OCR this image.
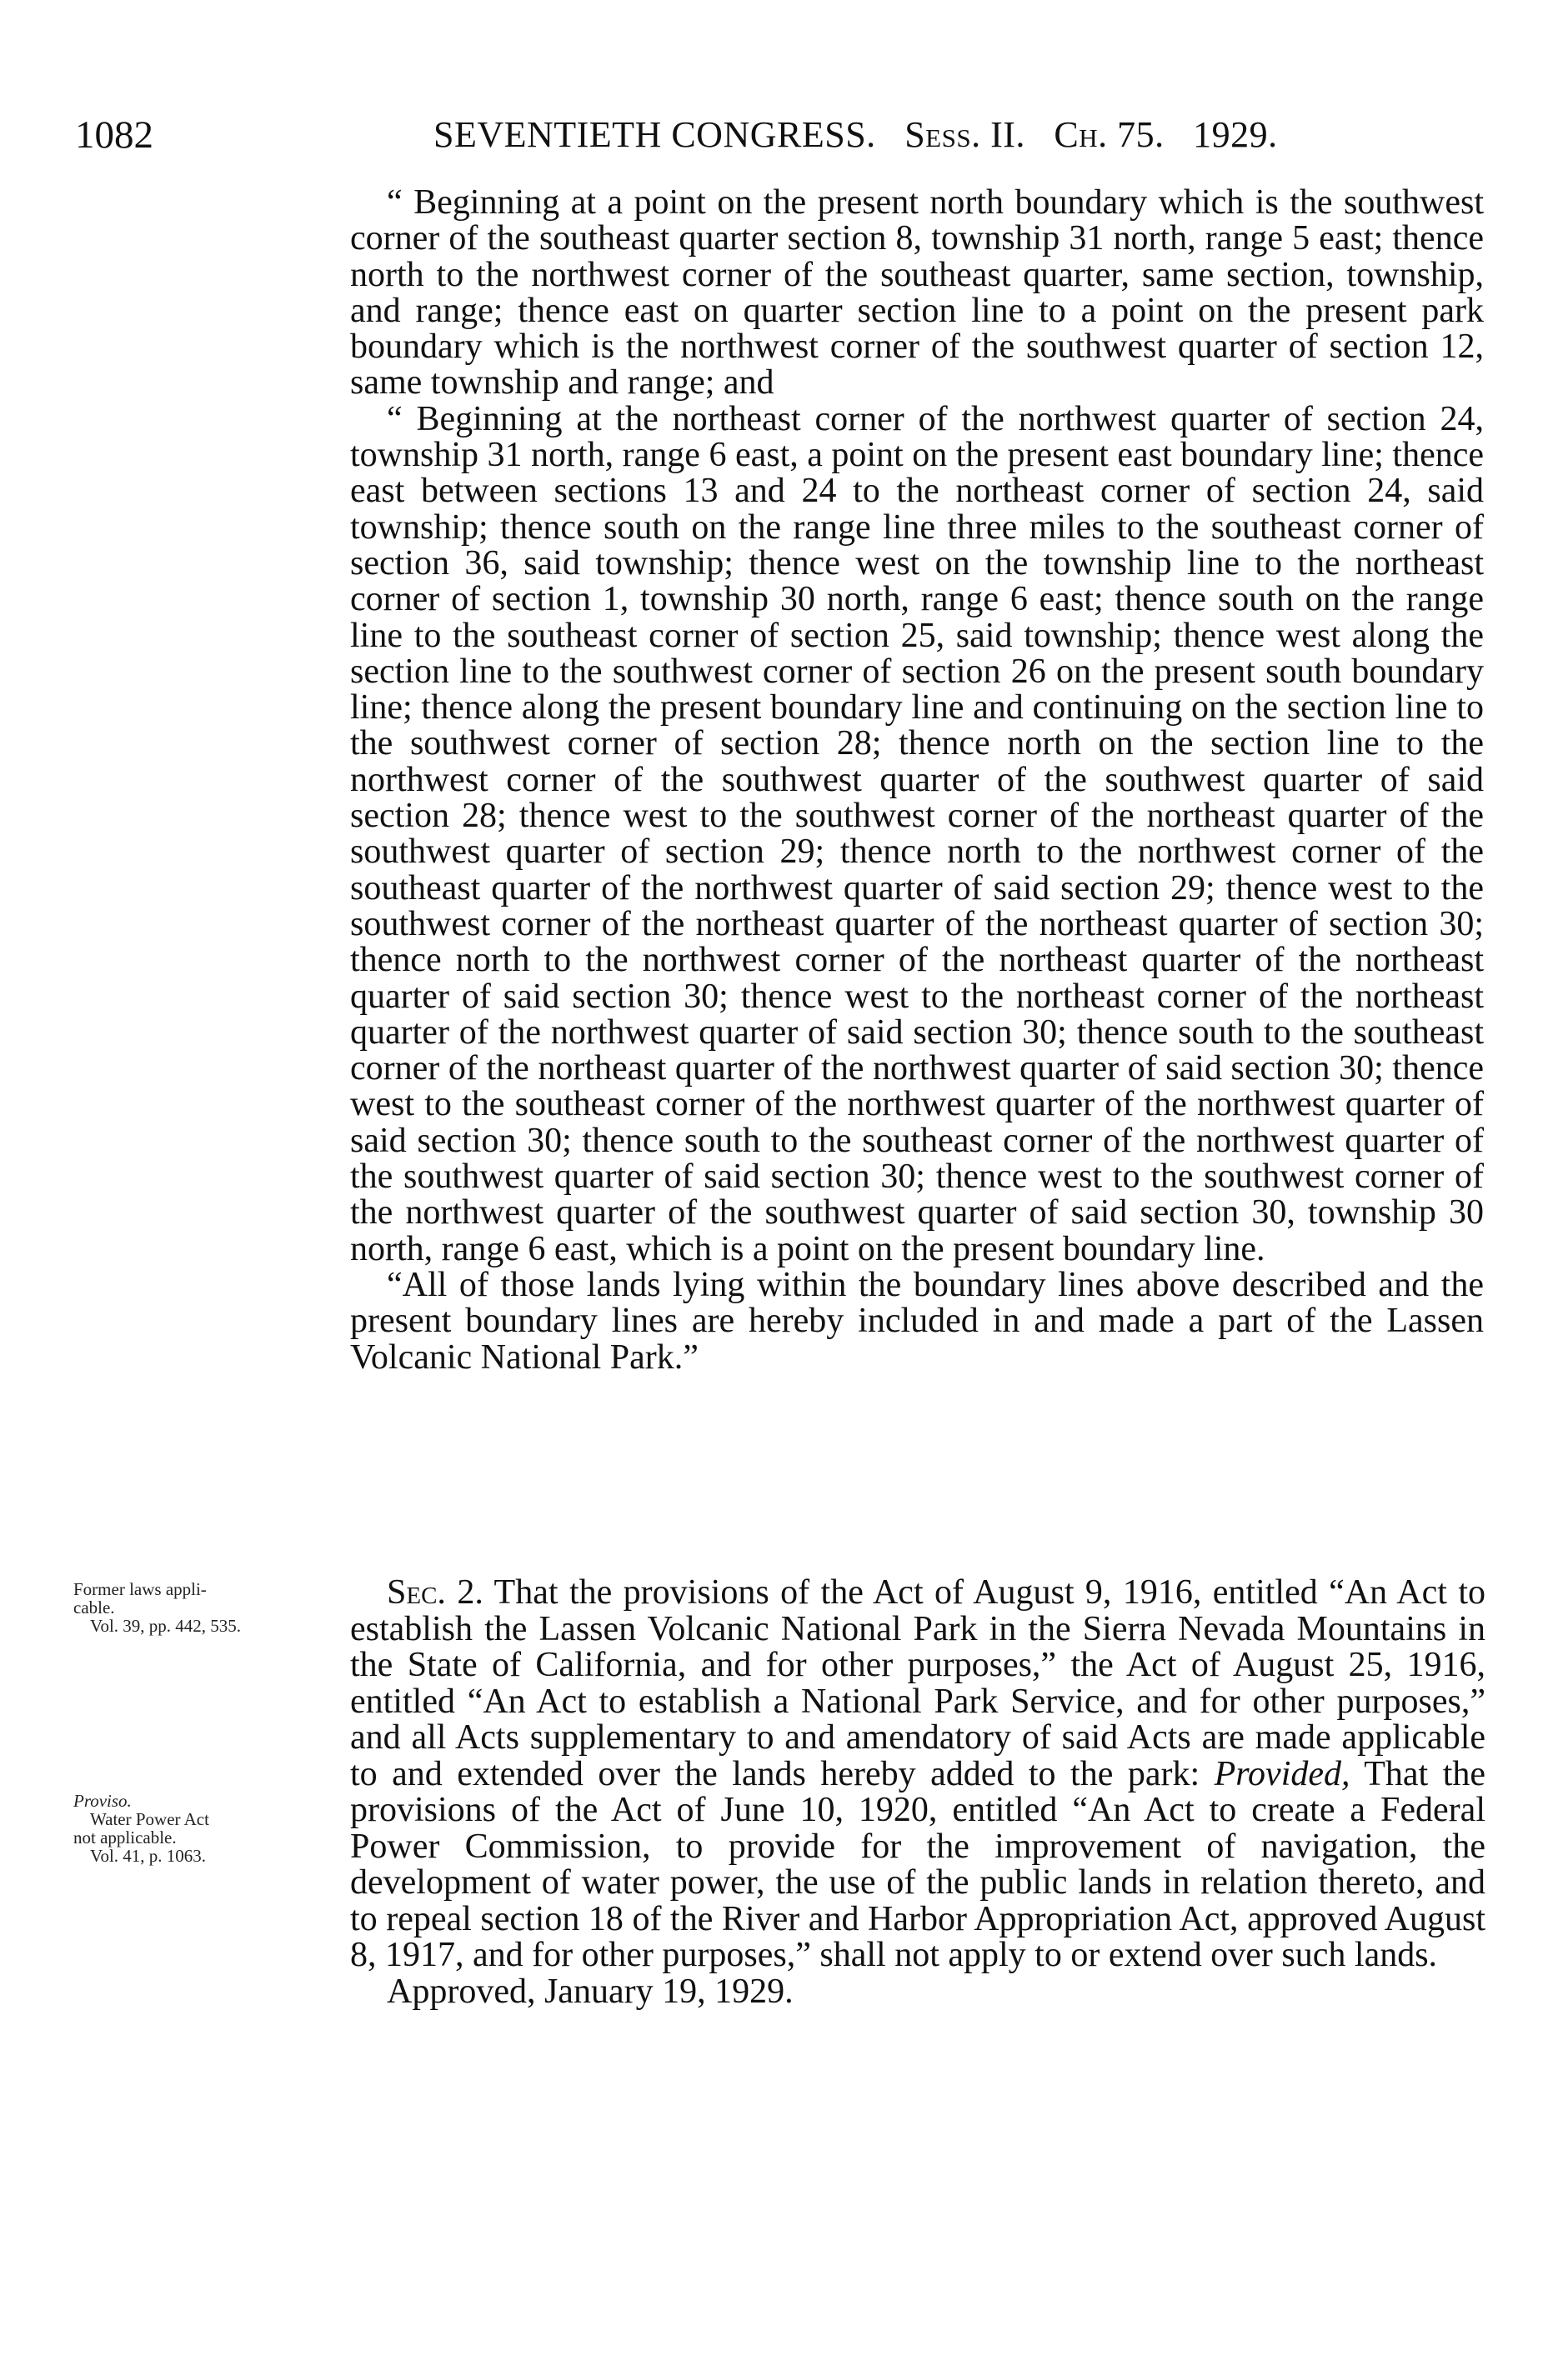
1082	SEVENTIETH CONGRESS. Sess. II. Ch. 75. 1929.

“ Beginning at a point on the present north boundary which is the southwest corner of the southeast quarter section 8, township 31 north, range 5 east; thence north to the northwest corner of the southeast quarter, same section, township, and range; thence east on quarter section line to a point on the present park boundary which is the northwest corner of the southwest quarter of section 12, same township and range; and

“ Beginning at the northeast corner of the northwest quarter of section 24, township 31 north, range 6 east, a point on the present east boundary line; thence east between sections 13 and 24 to the northeast corner of section 24, said township; thence south on the range line three miles to the southeast corner of section 36, said township; thence west on the township line to the northeast corner of section 1, township 30 north, range 6 east; thence south on the range line to the southeast corner of section 25, said township; thence west along the section line to the southwest corner of section 26 on the present south boundary line; thence along the present boundary line and continuing on the section line to the southwest corner of section 28; thence north on the section line to the northwest corner of the southwest quarter of the southwest quarter of said section 28; thence west to the southwest corner of the northeast quarter of the southwest quarter of section 29; thence north to the northwest corner of the southeast quarter of the northwest quarter of said section 29; thence west to the southwest corner of the northeast quarter of the northeast quarter of section 30; thence north to the northwest corner of the northeast quarter of the northeast quarter of said section 30; thence west to the northeast corner of the northeast quarter of the northwest quarter of said section 30; thence south to the southeast corner of the northeast quarter of the northwest quarter of said section 30; thence west to the southeast corner of the northwest quarter of the northwest quarter of said section 30; thence south to the southeast corner of the northwest quarter of the southwest quarter of said section 30; thence west to the southwest corner of the northwest quarter of the southwest quarter of said section 30, township 30 north, range 6 east, which is a point on the present boundary line.

“All of those lands lying within the boundary lines above described and the present boundary lines are hereby included in and made a part of the Lassen Volcanic National Park.”

Sec. 2. That the provisions of the Act of August 9, 1916, entitled “An Act to establish the Lassen Volcanic National Park in the Sierra Nevada Mountains in the State of California, and for other purposes,” the Act of August 25, 1916, entitled “An Act to establish a National Park Service, and for other purposes,” and all Acts supplementary to and amendatory of said Acts are made applicable to and extended over the lands hereby added to the park: Provided, That the provisions of the Act of June 10, 1920, entitled “An Act to create a Federal Power Commission, to provide for the improvement of navigation, the development of water power, the use of the public lands in relation thereto, and to repeal section 18 of the River and Harbor Appropriation Act, approved August 8, 1917, and for other purposes,” shall not apply to or extend over such lands.

Approved, January 19, 1929.

Former laws appli-
cable.
Vol. 39, pp. 442, 535.
Proviso.
Water Power Act
not applicable.
Vol. 41, p. 1063.
